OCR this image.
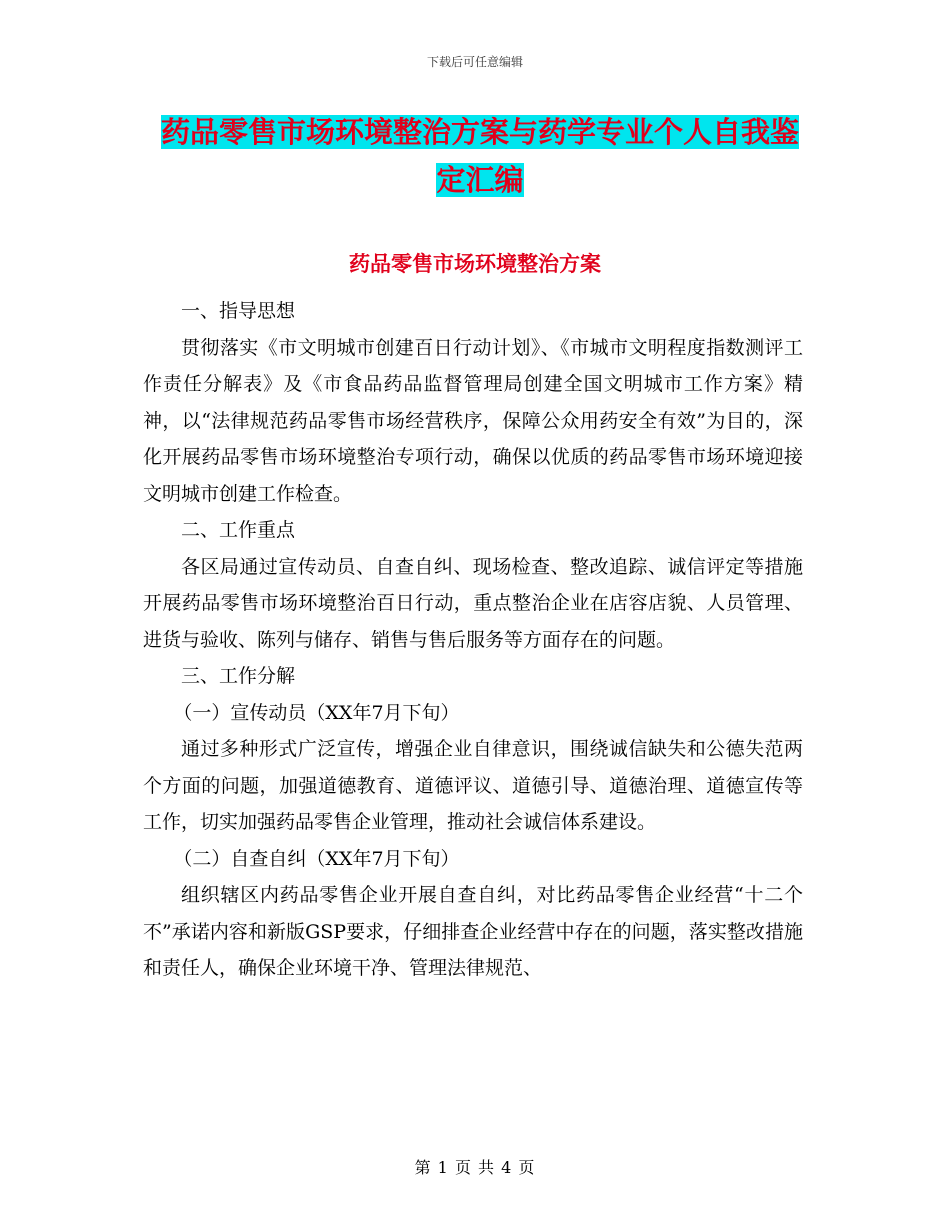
下载后可任意编辑
药品零售市场环境整治方案与药学专业个人自我鉴定汇编
药品零售市场环境整治方案

一、指导思想

贯彻落实《市文明城市创建百日行动计划》、《市城市文明程度指数测评工作责任分解表》及《市食品药品监督管理局创建全国文明城市工作方案》精神，以“法律规范药品零售市场经营秩序，保障公众用药安全有效”为目的，深化开展药品零售市场环境整治专项行动，确保以优质的药品零售市场环境迎接文明城市创建工作检查。

二、工作重点

各区局通过宣传动员、自查自纠、现场检查、整改追踪、诚信评定等措施开展药品零售市场环境整治百日行动，重点整治企业在店容店貌、人员管理、进货与验收、陈列与储存、销售与售后服务等方面存在的问题。

三、工作分解

（一）宣传动员（XX年7月下旬）

通过多种形式广泛宣传，增强企业自律意识，围绕诚信缺失和公德失范两个方面的问题，加强道德教育、道德评议、道德引导、道德治理、道德宣传等工作，切实加强药品零售企业管理，推动社会诚信体系建设。

（二）自查自纠（XX年7月下旬）

组织辖区内药品零售企业开展自查自纠，对比药品零售企业经营“十二个不”承诺内容和新版GSP要求，仔细排查企业经营中存在的问题，落实整改措施和责任人，确保企业环境干净、管理法律规范、

第 1 页 共 4 页
